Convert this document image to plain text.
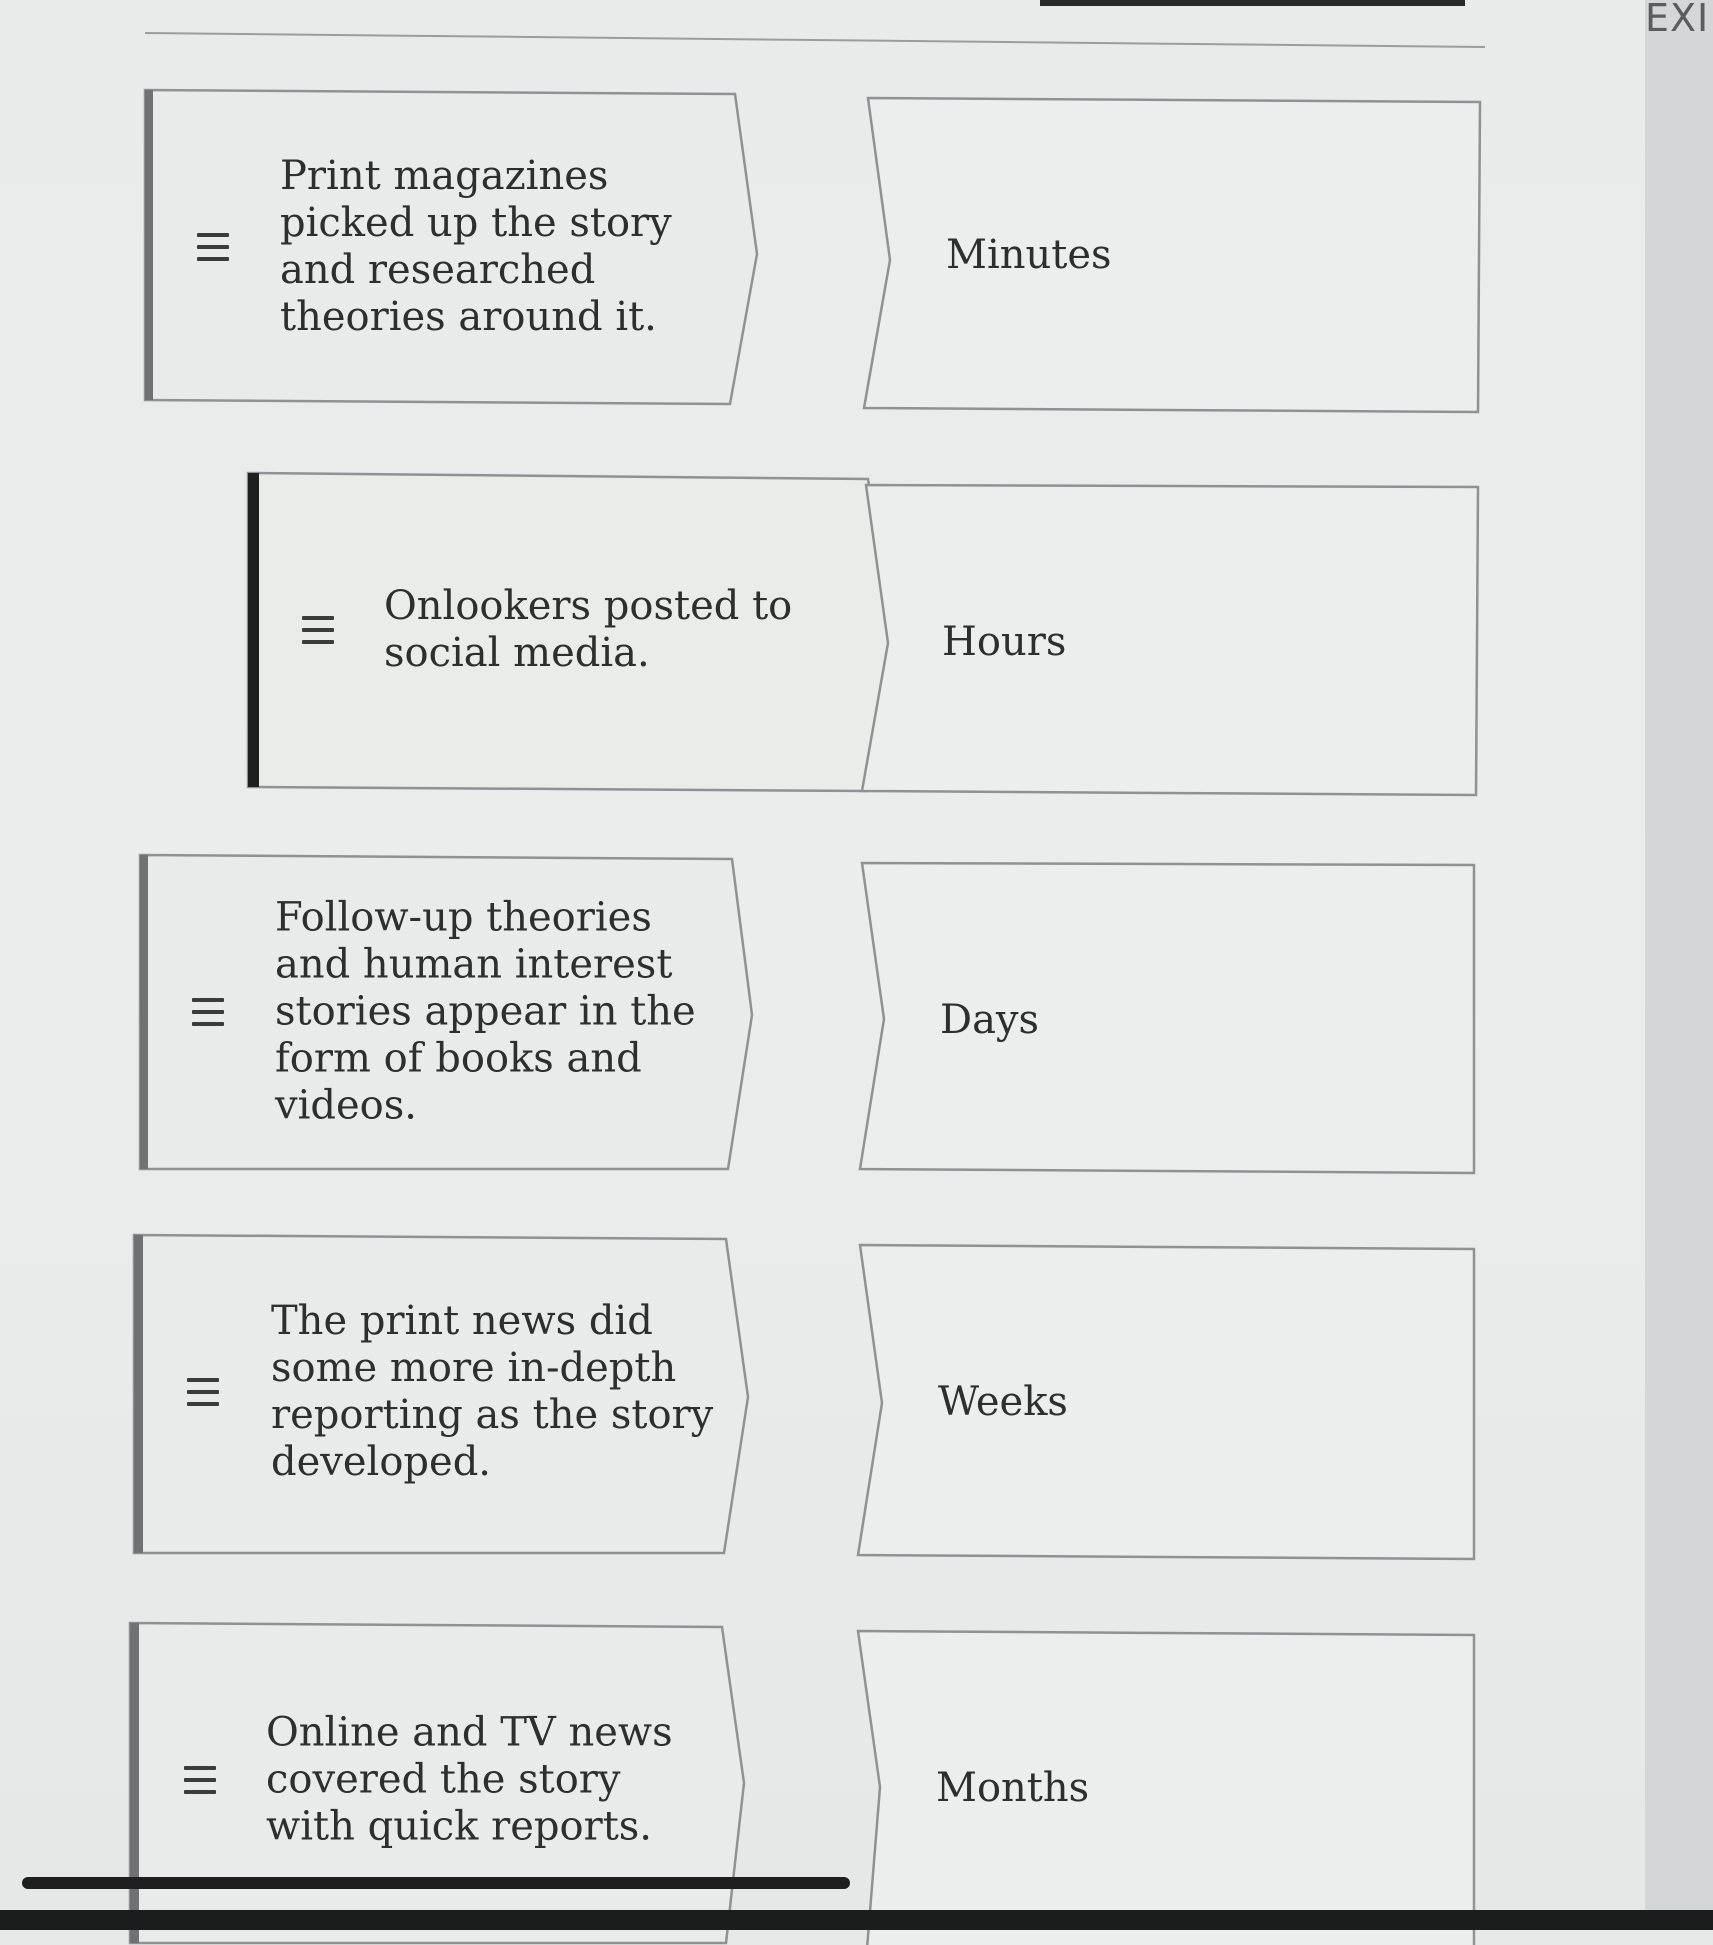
EXI
Print magazines
picked up the story
and researched
theories around it.
Minutes
Onlookers posted to
social media.	Hours
Follow-up theories
and human interest
stories appear in the
form of books and
videos.
Days
The print news did
some more in-depth
reporting as the story
developed.
Weeks
Online and TV news
covered the story
with quick reports.
Months
